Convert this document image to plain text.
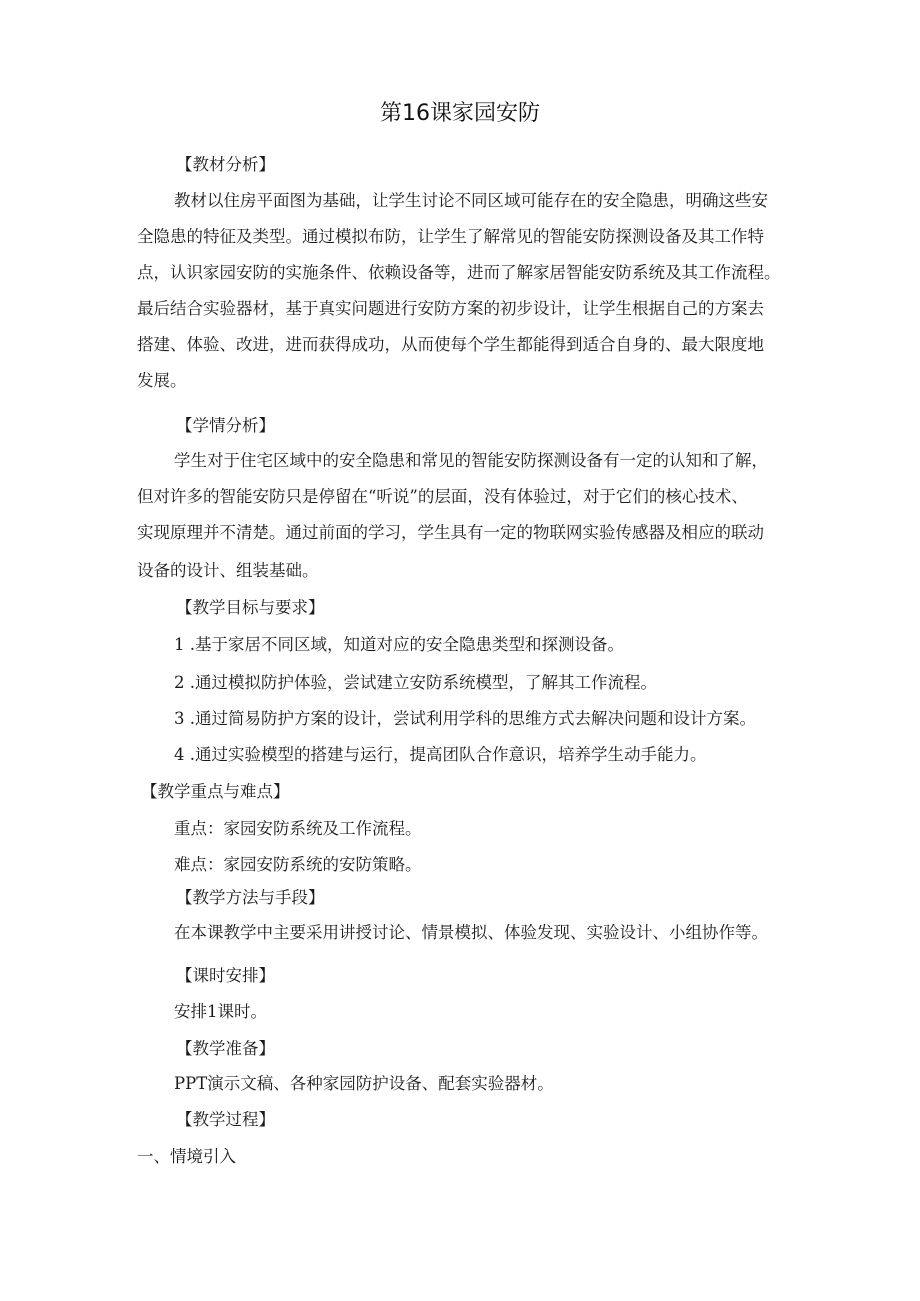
第16课家园安防
【教材分析】
教材以住房平面图为基础，让学生讨论不同区域可能存在的安全隐患，明确这些安
全隐患的特征及类型。通过模拟布防，让学生了解常见的智能安防探测设备及其工作特
点，认识家园安防的实施条件、依赖设备等，进而了解家居智能安防系统及其工作流程。
最后结合实验器材，基于真实问题进行安防方案的初步设计，让学生根据自己的方案去
搭建、体验、改进，进而获得成功，从而使每个学生都能得到适合自身的、最大限度地
发展。
【学情分析】
学生对于住宅区域中的安全隐患和常见的智能安防探测设备有一定的认知和了解，
但对许多的智能安防只是停留在“听说”的层面，没有体验过，对于它们的核心技术、
实现原理并不清楚。通过前面的学习，学生具有一定的物联网实验传感器及相应的联动
设备的设计、组装基础。
【教学目标与要求】
1 .基于家居不同区域，知道对应的安全隐患类型和探测设备。
2 .通过模拟防护体验，尝试建立安防系统模型，了解其工作流程。
3 .通过简易防护方案的设计，尝试利用学科的思维方式去解决问题和设计方案。
4 .通过实验模型的搭建与运行，提高团队合作意识，培养学生动手能力。
【教学重点与难点】
重点：家园安防系统及工作流程。
难点：家园安防系统的安防策略。
【教学方法与手段】
在本课教学中主要采用讲授讨论、情景模拟、体验发现、实验设计、小组协作等。
【课时安排】
安排1课时。
【教学准备】
PPT演示文稿、各种家园防护设备、配套实验器材。
【教学过程】
一、情境引入
